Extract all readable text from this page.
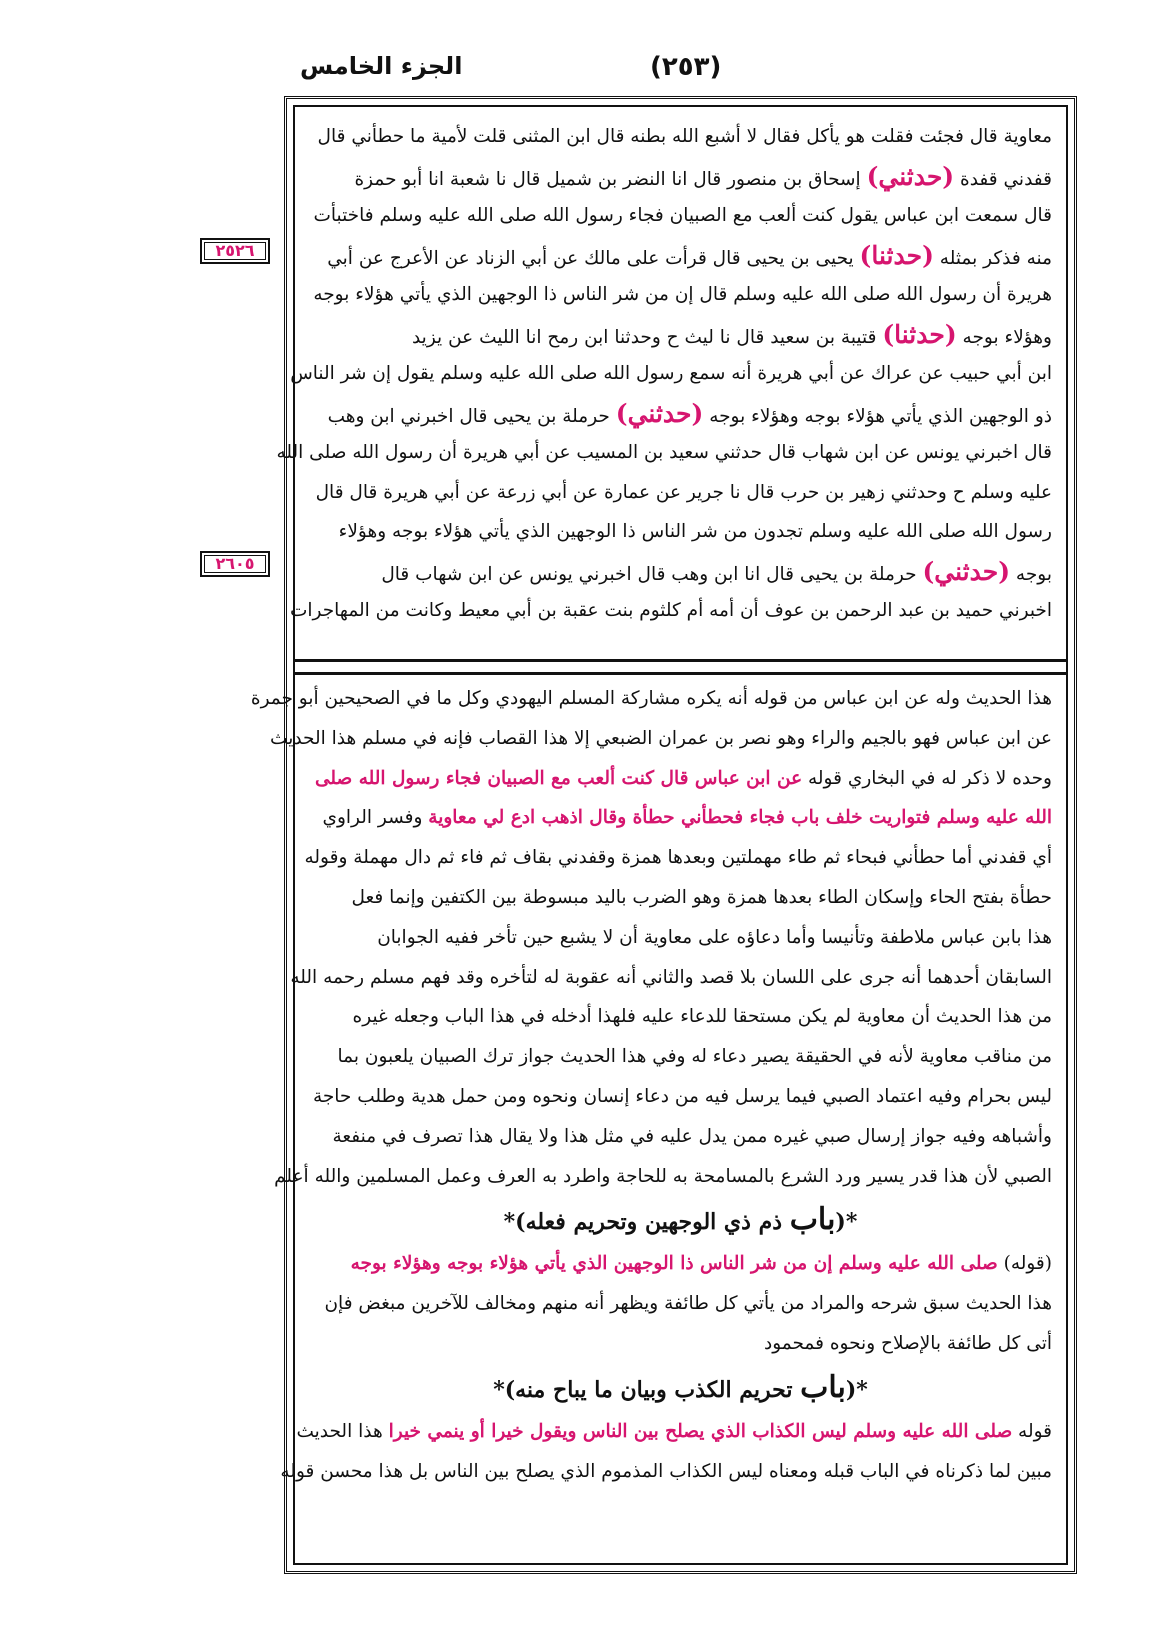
الجزء الخامس	(٢٥٣)
٢٥٢٦
٢٦٠٥
معاوية قال فجئت فقلت هو يأكل فقال لا أشبع الله بطنه قال ابن المثنى قلت لأمية ما حطأني قال
قفدني قفدة (حدثني) إسحاق بن منصور قال انا النضر بن شميل قال نا شعبة انا أبو حمزة
قال سمعت ابن عباس يقول كنت ألعب مع الصبيان فجاء رسول الله صلى الله عليه وسلم فاختبأت
منه فذكر بمثله (حدثنا) يحيى بن يحيى قال قرأت على مالك عن أبي الزناد عن الأعرج عن أبي
هريرة أن رسول الله صلى الله عليه وسلم قال إن من شر الناس ذا الوجهين الذي يأتي هؤلاء بوجه
وهؤلاء بوجه (حدثنا) قتيبة بن سعيد قال نا ليث ح وحدثنا ابن رمح انا الليث عن يزيد
ابن أبي حبيب عن عراك عن أبي هريرة أنه سمع رسول الله صلى الله عليه وسلم يقول إن شر الناس
ذو الوجهين الذي يأتي هؤلاء بوجه وهؤلاء بوجه (حدثني) حرملة بن يحيى قال اخبرني ابن وهب
قال اخبرني يونس عن ابن شهاب قال حدثني سعيد بن المسيب عن أبي هريرة أن رسول الله صلى الله
عليه وسلم ح وحدثني زهير بن حرب قال نا جرير عن عمارة عن أبي زرعة عن أبي هريرة قال قال
رسول الله صلى الله عليه وسلم تجدون من شر الناس ذا الوجهين الذي يأتي هؤلاء بوجه وهؤلاء
بوجه (حدثني) حرملة بن يحيى قال انا ابن وهب قال اخبرني يونس عن ابن شهاب قال
اخبرني حميد بن عبد الرحمن بن عوف أن أمه أم كلثوم بنت عقبة بن أبي معيط وكانت من المهاجرات
هذا الحديث وله عن ابن عباس من قوله أنه يكره مشاركة المسلم اليهودي وكل ما في الصحيحين أبو جمرة
عن ابن عباس فهو بالجيم والراء وهو نصر بن عمران الضبعي إلا هذا القصاب فإنه في مسلم هذا الحديث
وحده لا ذكر له في البخاري قوله عن ابن عباس قال كنت ألعب مع الصبيان فجاء رسول الله صلى
الله عليه وسلم فتواريت خلف باب فجاء فحطأني حطأة وقال اذهب ادع لي معاوية وفسر الراوي
أي قفدني أما حطأني فبحاء ثم طاء مهملتين وبعدها همزة وقفدني بقاف ثم فاء ثم دال مهملة وقوله
حطأة بفتح الحاء وإسكان الطاء بعدها همزة وهو الضرب باليد مبسوطة بين الكتفين وإنما فعل
هذا بابن عباس ملاطفة وتأنيسا وأما دعاؤه على معاوية أن لا يشبع حين تأخر ففيه الجوابان
السابقان أحدهما أنه جرى على اللسان بلا قصد والثاني أنه عقوبة له لتأخره وقد فهم مسلم رحمه الله
من هذا الحديث أن معاوية لم يكن مستحقا للدعاء عليه فلهذا أدخله في هذا الباب وجعله غيره
من مناقب معاوية لأنه في الحقيقة يصير دعاء له وفي هذا الحديث جواز ترك الصبيان يلعبون بما
ليس بحرام وفيه اعتماد الصبي فيما يرسل فيه من دعاء إنسان ونحوه ومن حمل هدية وطلب حاجة
وأشباهه وفيه جواز إرسال صبي غيره ممن يدل عليه في مثل هذا ولا يقال هذا تصرف في منفعة
الصبي لأن هذا قدر يسير ورد الشرع بالمسامحة به للحاجة واطرد به العرف وعمل المسلمين والله أعلم
*(باب ذم ذي الوجهين وتحريم فعله)*
(قوله) صلى الله عليه وسلم إن من شر الناس ذا الوجهين الذي يأتي هؤلاء بوجه وهؤلاء بوجه
هذا الحديث سبق شرحه والمراد من يأتي كل طائفة ويظهر أنه منهم ومخالف للآخرين مبغض فإن
أتى كل طائفة بالإصلاح ونحوه فمحمود
*(باب تحريم الكذب وبيان ما يباح منه)*
قوله صلى الله عليه وسلم ليس الكذاب الذي يصلح بين الناس ويقول خيرا أو ينمي خيرا هذا الحديث
مبين لما ذكرناه في الباب قبله ومعناه ليس الكذاب المذموم الذي يصلح بين الناس بل هذا محسن قوله
